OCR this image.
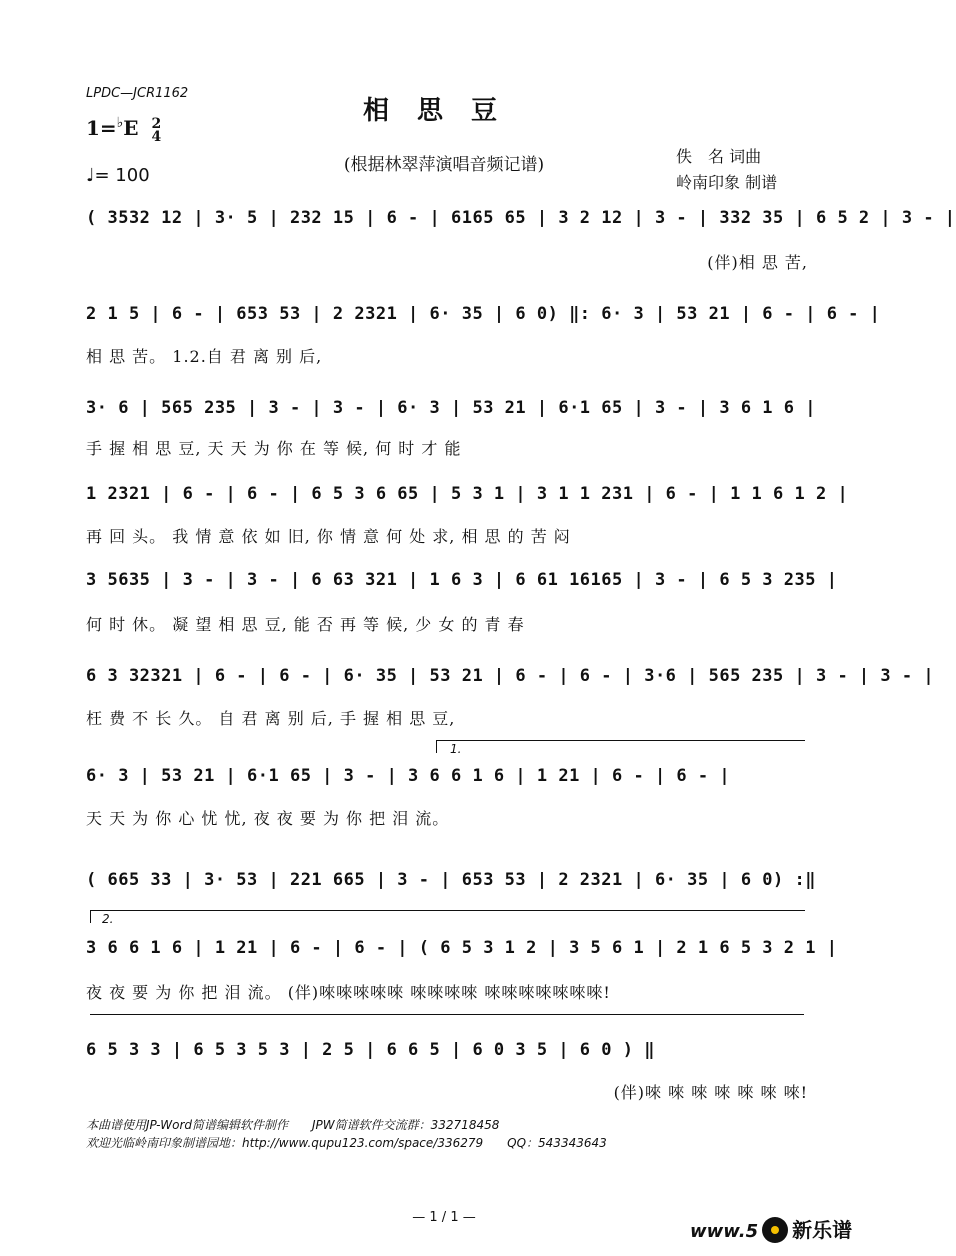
LPDC—JCR1162
相思豆
1=♭E 2
4
♩= 100	(根据林翠萍演唱音频记谱)	佚　名 词曲
岭南印象 制谱
( 3532 12 | 3· 5 | 232 15 | 6 - | 6165 65 | 3 2 12 | 3 - | 332 35 | 6 5 2 | 3 - |
(伴)相 思 苦,
2 1 5 | 6 - | 653 53 | 2 2321 | 6· 35 | 6 0) ‖: 6· 3 | 53 21 | 6 - | 6 - |
相 思 苦。 1.2.自 君 离 别 后,
3· 6 | 565 235 | 3 - | 3 - | 6· 3 | 53 21 | 6·1 65 | 3 - | 3 6 1 6 |
手 握 相 思 豆, 天 天 为 你 在 等 候, 何 时 才 能
1 2321 | 6 - | 6 - | 6 5 3 6 65 | 5 3 1 | 3 1 1 231 | 6 - | 1 1 6 1 2 |
再 回 头。 我 情 意 依 如 旧, 你 情 意 何 处 求, 相 思 的 苦 闷
3 5635 | 3 - | 3 - | 6 63 321 | 1 6 3 | 6 61 16165 | 3 - | 6 5 3 235 |
何 时 休。 凝 望 相 思 豆, 能 否 再 等 候, 少 女 的 青 春
6 3 32321 | 6 - | 6 - | 6· 35 | 53 21 | 6 - | 6 - | 3·6 | 565 235 | 3 - | 3 - |
枉 费 不 长 久。 自 君 离 别 后, 手 握 相 思 豆,
1.
6· 3 | 53 21 | 6·1 65 | 3 - | 3 6 6 1 6 | 1 21 | 6 - | 6 - |
天 天 为 你 心 忧 忧, 夜 夜 要 为 你 把 泪 流。
( 665 33 | 3· 53 | 221 665 | 3 - | 653 53 | 2 2321 | 6· 35 | 6 0) :‖
2.
3 6 6 1 6 | 1 21 | 6 - | 6 - | ( 6 5 3 1 2 | 3 5 6 1 | 2 1 6 5 3 2 1 |
夜 夜 要 为 你 把 泪 流。 (伴)唻唻唻唻唻 唻唻唻唻 唻唻唻唻唻唻唻!
6 5 3 3 | 6 5 3 5 3 | 2 5 | 6 6 5 | 6 0 3 5 | 6 0 ) ‖
(伴)唻 唻 唻 唻 唻 唻 唻!
本曲谱使用JP-Word简谱编辑软件制作　　JPW简谱软件交流群：332718458
欢迎光临岭南印象制谱园地：http://www.qupu123.com/space/336279　　QQ：543343643
— 1 / 1 —
www.5 新乐谱
